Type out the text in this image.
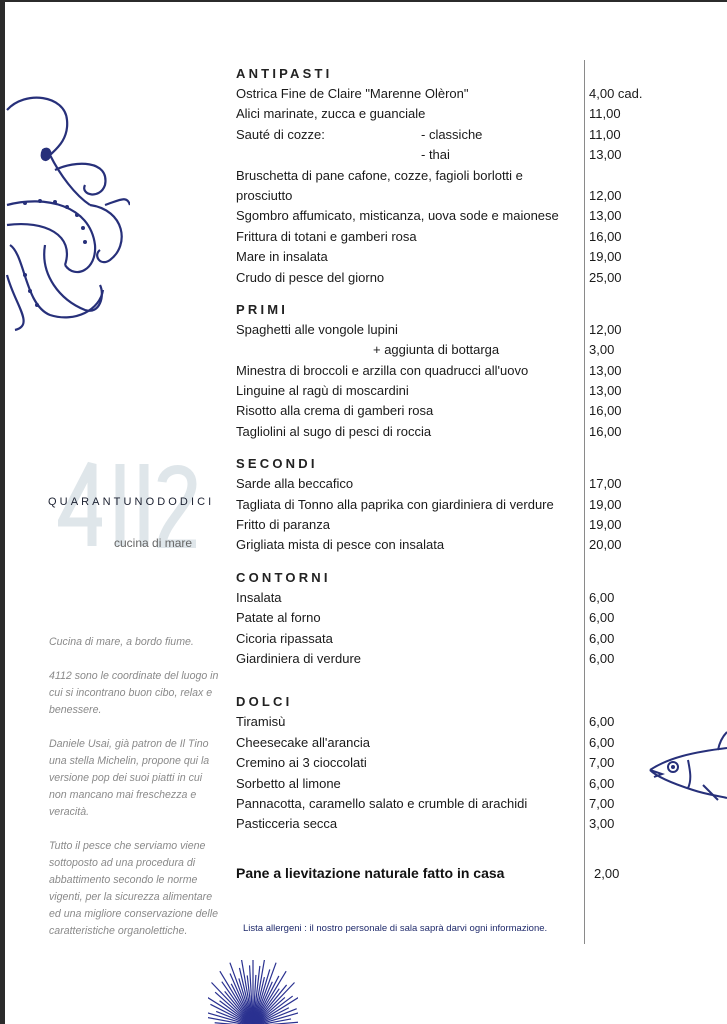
QUARANTUNODODICI
cucina di mare

Cucina di mare, a bordo fiume.

4112 sono le coordinate del luogo in cui si incontrano buon cibo, relax e benessere.

Daniele Usai, già patron de Il Tino una stella Michelin, propone qui la versione pop dei suoi piatti in cui non mancano mai freschezza e veracità.

Tutto il pesce che serviamo viene sottoposto ad una procedura di abbattimento secondo le norme vigenti, per la sicurezza alimentare ed una migliore conservazione delle caratteristiche organolettiche.

ANTIPASTI
Ostrica Fine de Claire "Marenne Olèron"	4,00 cad.
Alici marinate, zucca e guanciale	11,00
Sauté di cozze:	- classiche	11,00
- thai	13,00
Bruschetta di pane cafone, cozze, fagioli borlotti e
prosciutto	12,00
Sgombro affumicato, misticanza, uova sode e maionese 13,00
Frittura di totani e gamberi rosa	16,00
Mare in insalata	19,00
Crudo di pesce del giorno	25,00
PRIMI
Spaghetti alle vongole lupini	12,00
+ aggiunta di bottarga	3,00
Minestra di broccoli e arzilla con quadrucci all'uovo	13,00
Linguine al ragù di moscardini	13,00
Risotto alla crema di gamberi rosa	16,00
Tagliolini al sugo di pesci di roccia	16,00
SECONDI
Sarde alla beccafico	17,00
Tagliata di Tonno alla paprika con giardiniera di verdure	19,00
Fritto di paranza	19,00
Grigliata mista di pesce con insalata	20,00
CONTORNI
Insalata	6,00
Patate al forno	6,00
Cicoria ripassata	6,00
Giardiniera di verdure	6,00
DOLCI
Tiramisù	6,00
Cheesecake all'arancia	6,00
Cremino ai 3 cioccolati	7,00
Sorbetto al limone	6,00
Pannacotta, caramello salato e crumble di arachidi	7,00
Pasticceria secca	3,00
Pane a lievitazione naturale fatto in casa	2,00
Lista allergeni : il nostro personale di sala saprà darvi ogni informazione.
